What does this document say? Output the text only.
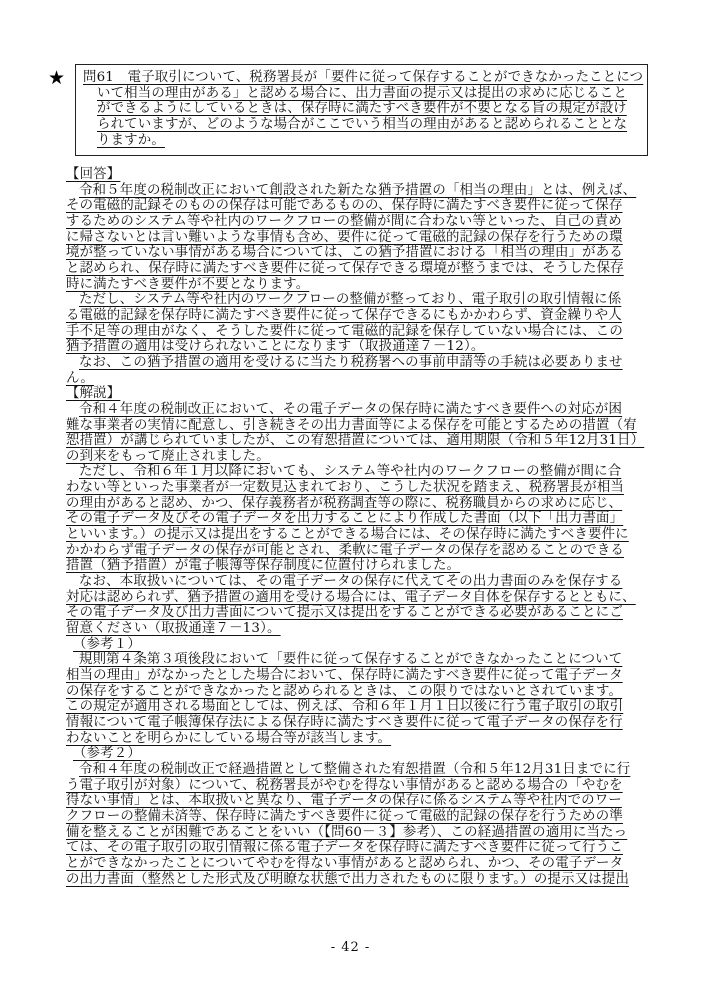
★	問61　電子取引について、税務署長が「要件に従って保存することができなかったことにつ
いて相当の理由がある」と認める場合に、出力書面の提示又は提出の求めに応じること
ができるようにしているときは、保存時に満たすべき要件が不要となる旨の規定が設け
られていますが、どのような場合がここでいう相当の理由があると認められることとな
りますか。
【回答】
令和５年度の税制改正において創設された新たな猶予措置の「相当の理由」とは、例えば、
その電磁的記録そのものの保存は可能であるものの、保存時に満たすべき要件に従って保存
するためのシステム等や社内のワークフローの整備が間に合わない等といった、自己の責め
に帰さないとは言い難いような事情も含め、要件に従って電磁的記録の保存を行うための環
境が整っていない事情がある場合については、この猶予措置における「相当の理由」がある
と認められ、保存時に満たすべき要件に従って保存できる環境が整うまでは、そうした保存
時に満たすべき要件が不要となります。
ただし、システム等や社内のワークフローの整備が整っており、電子取引の取引情報に係
る電磁的記録を保存時に満たすべき要件に従って保存できるにもかかわらず、資金繰りや人
手不足等の理由がなく、そうした要件に従って電磁的記録を保存していない場合には、この
猶予措置の適用は受けられないことになります（取扱通達７－12）。
なお、この猶予措置の適用を受けるに当たり税務署への事前申請等の手続は必要ありませ
ん。
【解説】
令和４年度の税制改正において、その電子データの保存時に満たすべき要件への対応が困
難な事業者の実情に配意し、引き続きその出力書面等による保存を可能とするための措置（宥
恕措置）が講じられていましたが、この宥恕措置については、適用期限（令和５年12月31日）
の到来をもって廃止されました。
ただし、令和６年１月以降においても、システム等や社内のワークフローの整備が間に合
わない等といった事業者が一定数見込まれており、こうした状況を踏まえ、税務署長が相当
の理由があると認め、かつ、保存義務者が税務調査等の際に、税務職員からの求めに応じ、
その電子データ及びその電子データを出力することにより作成した書面（以下「出力書面」
といいます。）の提示又は提出をすることができる場合には、その保存時に満たすべき要件に
かかわらず電子データの保存が可能とされ、柔軟に電子データの保存を認めることのできる
措置（猶予措置）が電子帳簿等保存制度に位置付けられました。
なお、本取扱いについては、その電子データの保存に代えてその出力書面のみを保存する
対応は認められず、猶予措置の適用を受ける場合には、電子データ自体を保存するとともに、
その電子データ及び出力書面について提示又は提出をすることができる必要があることにご
留意ください（取扱通達７－13）。
（参考１）
規則第４条第３項後段において「要件に従って保存することができなかったことについて
相当の理由」がなかったとした場合において、保存時に満たすべき要件に従って電子データ
の保存をすることができなかったと認められるときは、この限りではないとされています。
この規定が適用される場面としては、例えば、令和６年１月１日以後に行う電子取引の取引
情報について電子帳簿保存法による保存時に満たすべき要件に従って電子データの保存を行
わないことを明らかにしている場合等が該当します。
（参考２）
令和４年度の税制改正で経過措置として整備された宥恕措置（令和５年12月31日までに行
う電子取引が対象）について、税務署長がやむを得ない事情があると認める場合の「やむを
得ない事情」とは、本取扱いと異なり、電子データの保存に係るシステム等や社内でのワー
クフローの整備未済等、保存時に満たすべき要件に従って電磁的記録の保存を行うための準
備を整えることが困難であることをいい（【問60－３】参考）、この経過措置の適用に当たっ
ては、その電子取引の取引情報に係る電子データを保存時に満たすべき要件に従って行うこ
とができなかったことについてやむを得ない事情があると認められ、かつ、その電子データ
の出力書面（整然とした形式及び明瞭な状態で出力されたものに限ります。）の提示又は提出
- 42 -
